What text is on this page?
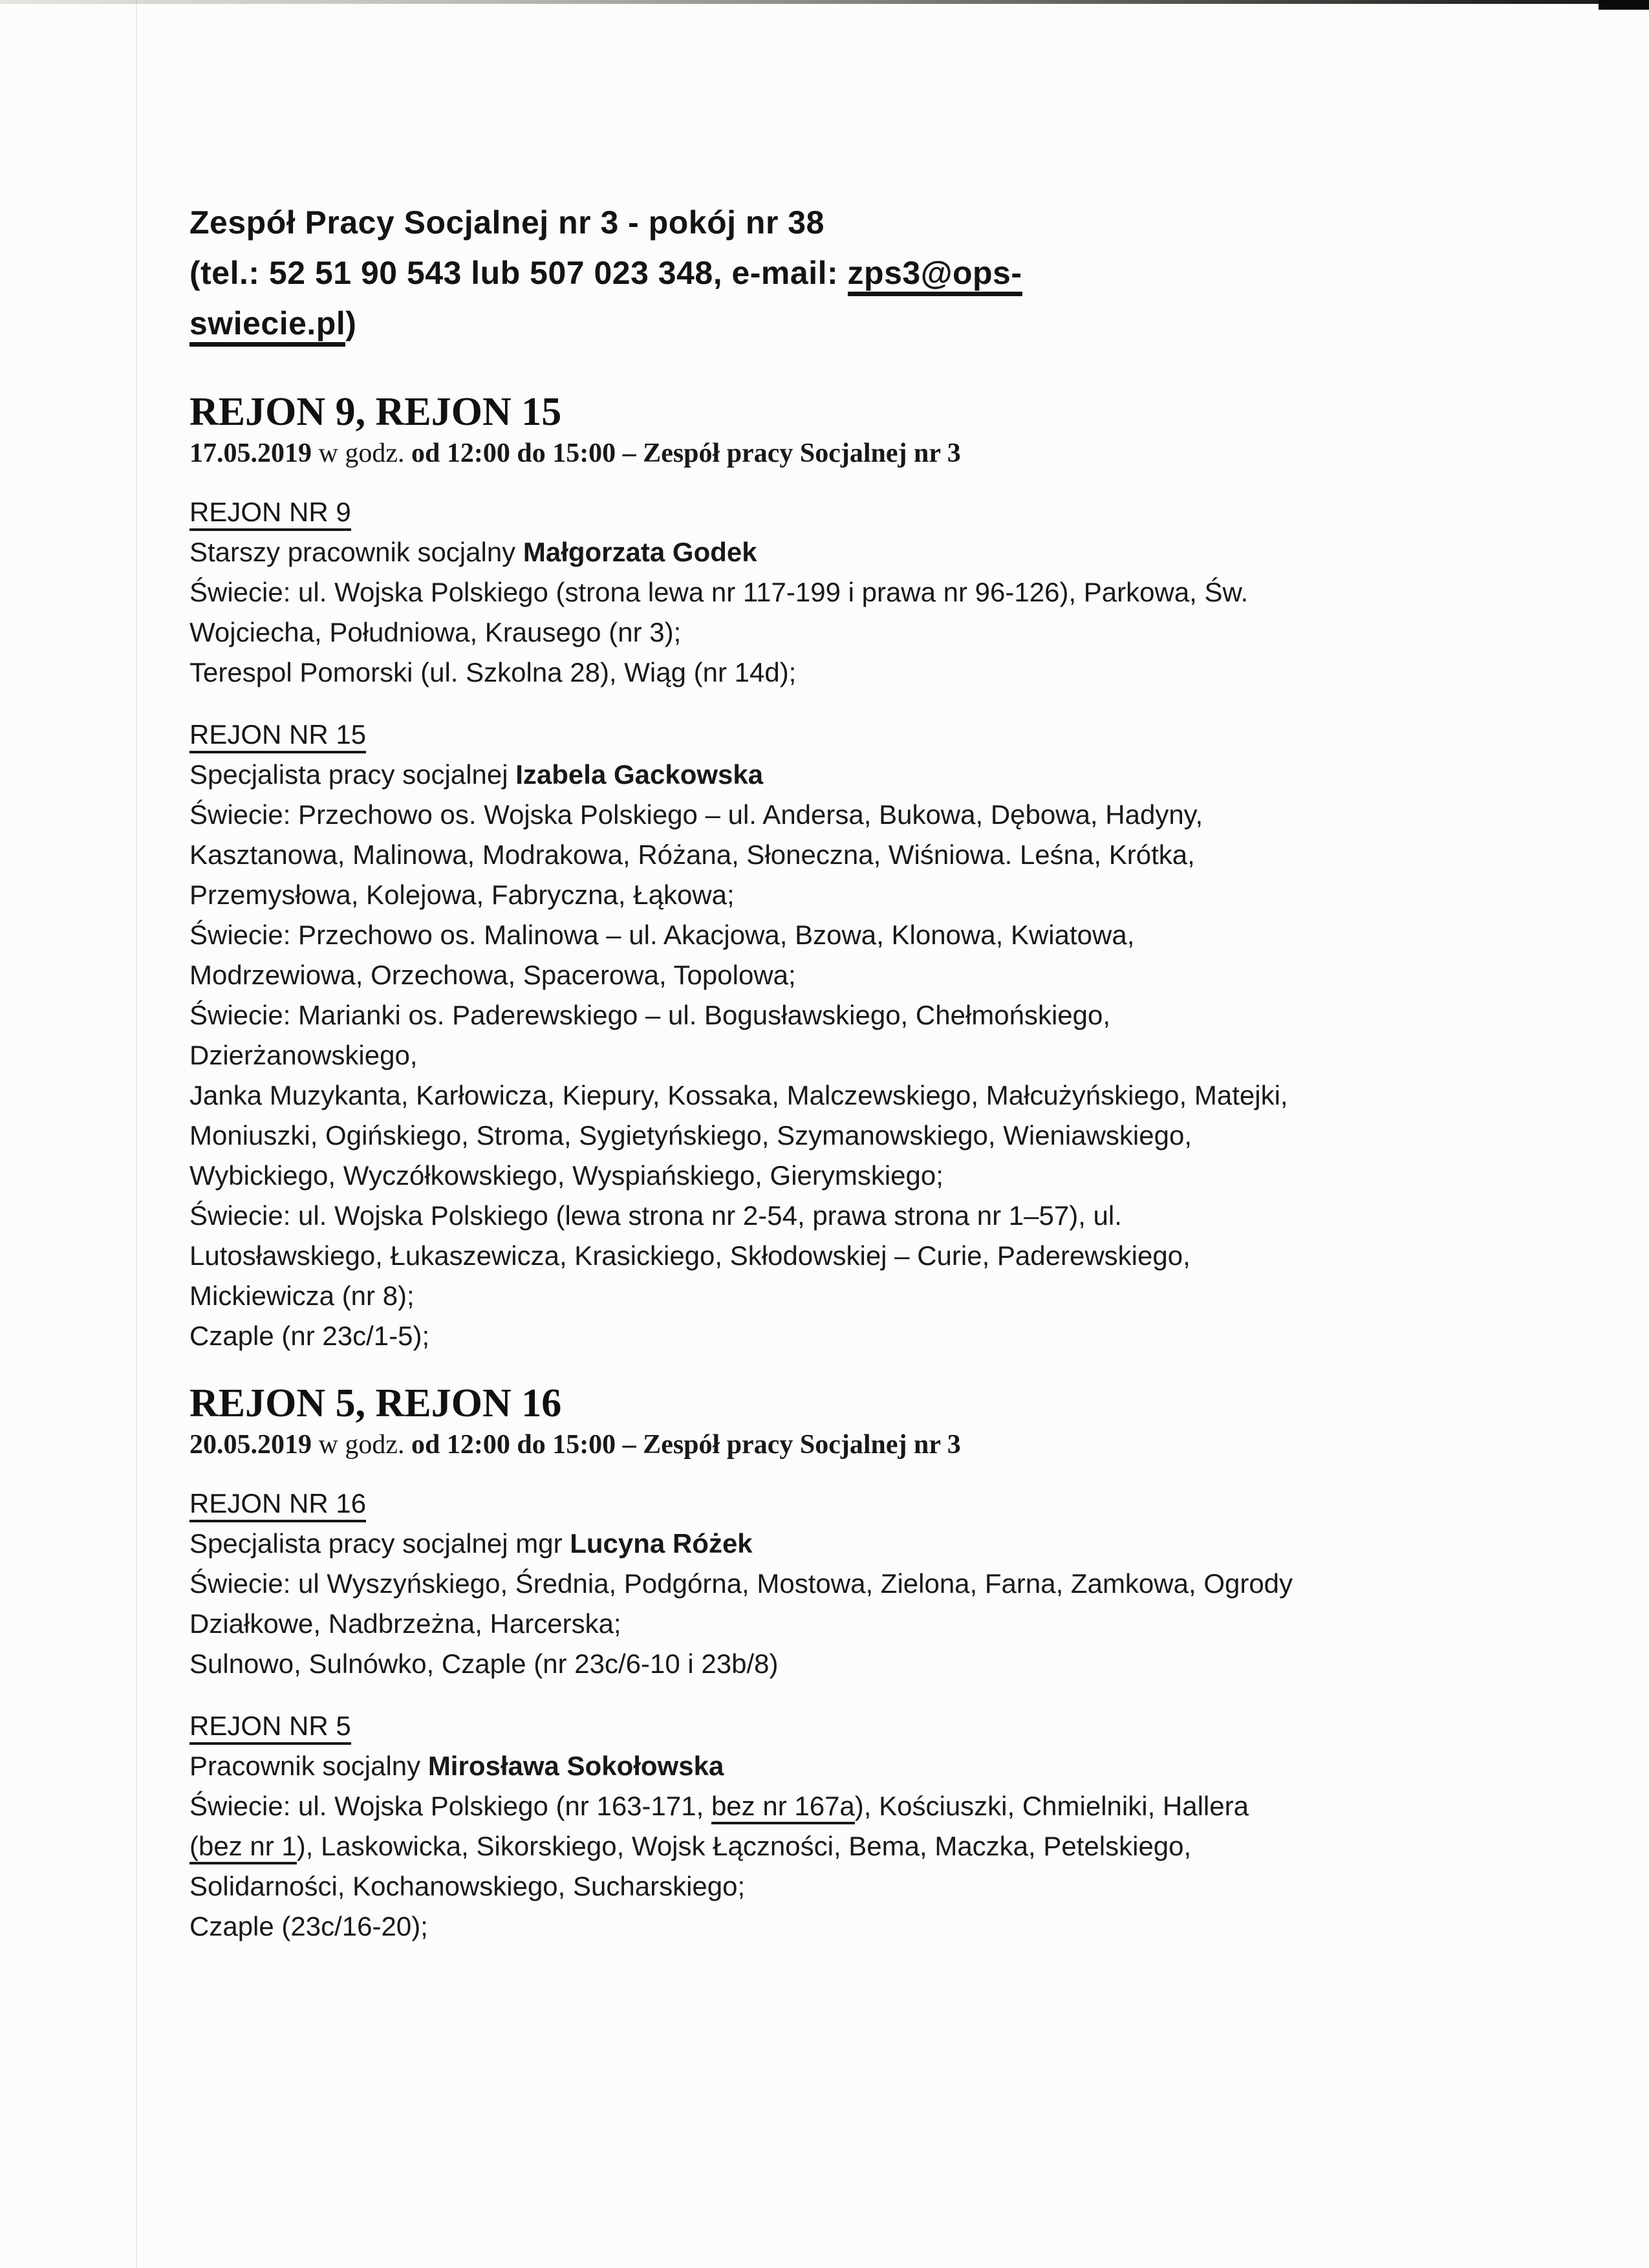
Zespół Pracy Socjalnej nr 3 - pokój nr 38
(tel.: 52 51 90 543 lub 507 023 348, e-mail: zps3@ops-
swiecie.pl)
REJON 9, REJON 15
17.05.2019 w godz. od 12:00 do 15:00 – Zespół pracy Socjalnej nr 3
REJON NR 9
Starszy pracownik socjalny Małgorzata Godek
Świecie: ul. Wojska Polskiego (strona lewa nr 117-199 i prawa nr 96-126), Parkowa, Św.
Wojciecha, Południowa, Krausego (nr 3);
Terespol Pomorski (ul. Szkolna 28), Wiąg (nr 14d);
REJON NR 15
Specjalista pracy socjalnej Izabela Gackowska
Świecie: Przechowo os. Wojska Polskiego – ul. Andersa, Bukowa, Dębowa, Hadyny,
Kasztanowa, Malinowa, Modrakowa, Różana, Słoneczna, Wiśniowa. Leśna, Krótka,
Przemysłowa, Kolejowa, Fabryczna, Łąkowa;
Świecie: Przechowo os. Malinowa – ul. Akacjowa, Bzowa, Klonowa, Kwiatowa,
Modrzewiowa, Orzechowa, Spacerowa, Topolowa;
Świecie: Marianki os. Paderewskiego – ul. Bogusławskiego, Chełmońskiego,
Dzierżanowskiego,
Janka Muzykanta, Karłowicza, Kiepury, Kossaka, Malczewskiego, Małcużyńskiego, Matejki,
Moniuszki, Ogińskiego, Stroma, Sygietyńskiego, Szymanowskiego, Wieniawskiego,
Wybickiego, Wyczółkowskiego, Wyspiańskiego, Gierymskiego;
Świecie: ul. Wojska Polskiego (lewa strona nr 2-54, prawa strona nr 1–57), ul.
Lutosławskiego, Łukaszewicza, Krasickiego, Skłodowskiej – Curie, Paderewskiego,
Mickiewicza (nr 8);
Czaple (nr 23c/1-5);
REJON 5, REJON 16
20.05.2019 w godz. od 12:00 do 15:00 – Zespół pracy Socjalnej nr 3
REJON NR 16
Specjalista pracy socjalnej mgr Lucyna Różek
Świecie: ul Wyszyńskiego, Średnia, Podgórna, Mostowa, Zielona, Farna, Zamkowa, Ogrody
Działkowe, Nadbrzeżna, Harcerska;
Sulnowo, Sulnówko, Czaple (nr 23c/6-10 i 23b/8)
REJON NR 5
Pracownik socjalny Mirosława Sokołowska
Świecie: ul. Wojska Polskiego (nr 163-171, bez nr 167a), Kościuszki, Chmielniki, Hallera
(bez nr 1), Laskowicka, Sikorskiego, Wojsk Łączności, Bema, Maczka, Petelskiego,
Solidarności, Kochanowskiego, Sucharskiego;
Czaple (23c/16-20);
